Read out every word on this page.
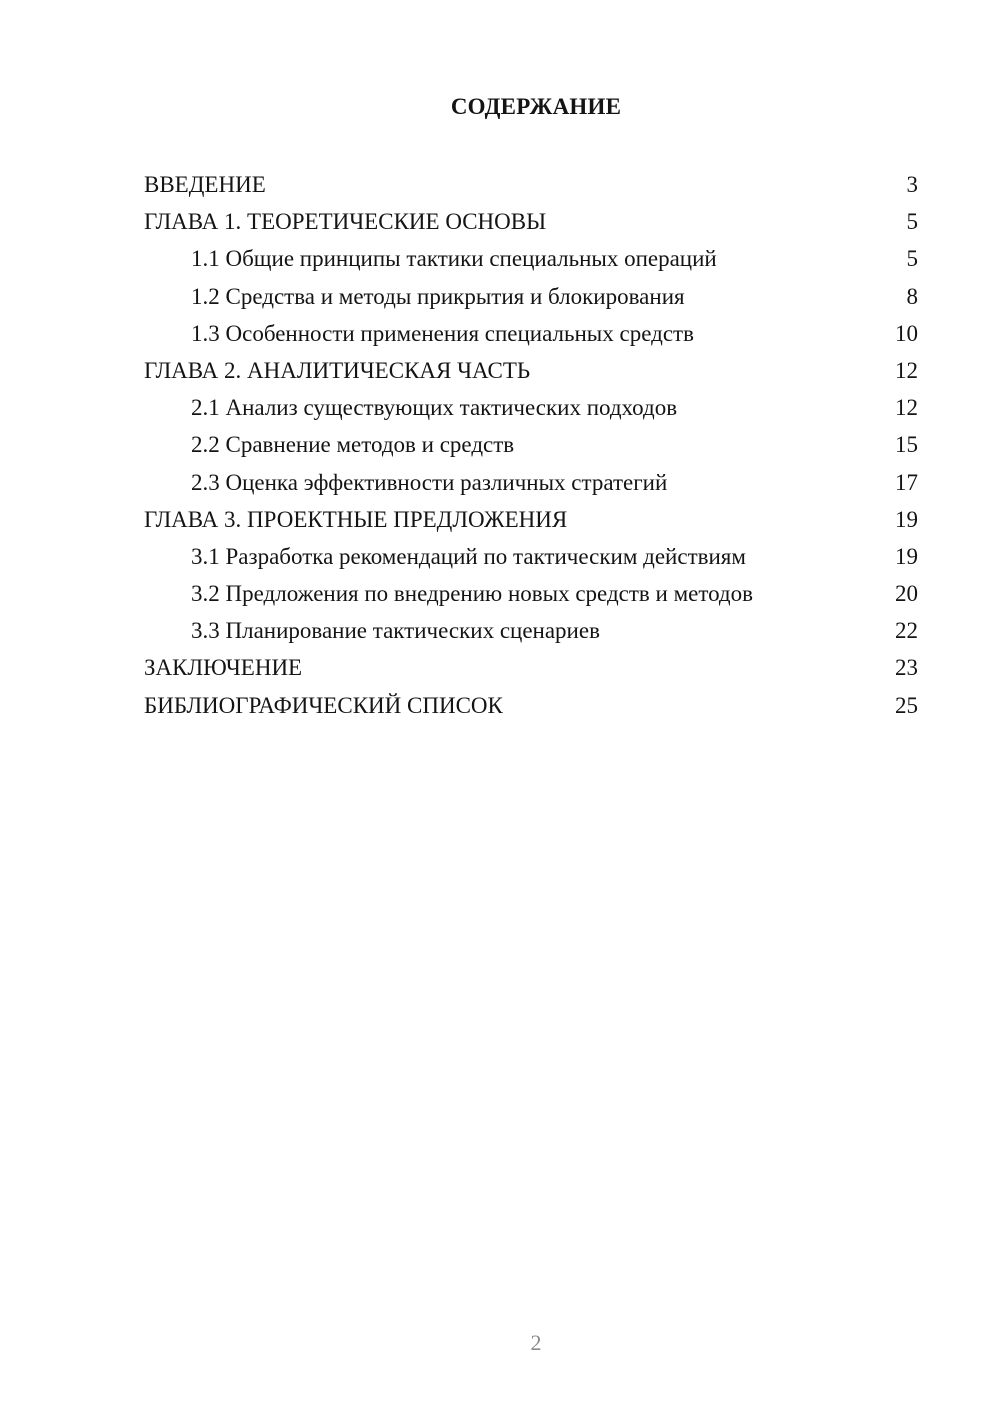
СОДЕРЖАНИЕ
ВВЕДЕНИЕ	3
ГЛАВА 1. ТЕОРЕТИЧЕСКИЕ ОСНОВЫ	5
1.1 Общие принципы тактики специальных операций	5
1.2 Средства и методы прикрытия и блокирования	8
1.3 Особенности применения специальных средств	10
ГЛАВА 2. АНАЛИТИЧЕСКАЯ ЧАСТЬ	12
2.1 Анализ существующих тактических подходов	12
2.2 Сравнение методов и средств	15
2.3 Оценка эффективности различных стратегий	17
ГЛАВА 3. ПРОЕКТНЫЕ ПРЕДЛОЖЕНИЯ	19
3.1 Разработка рекомендаций по тактическим действиям	19
3.2 Предложения по внедрению новых средств и методов	20
3.3 Планирование тактических сценариев	22
ЗАКЛЮЧЕНИЕ	23
БИБЛИОГРАФИЧЕСКИЙ СПИСОК	25
2
